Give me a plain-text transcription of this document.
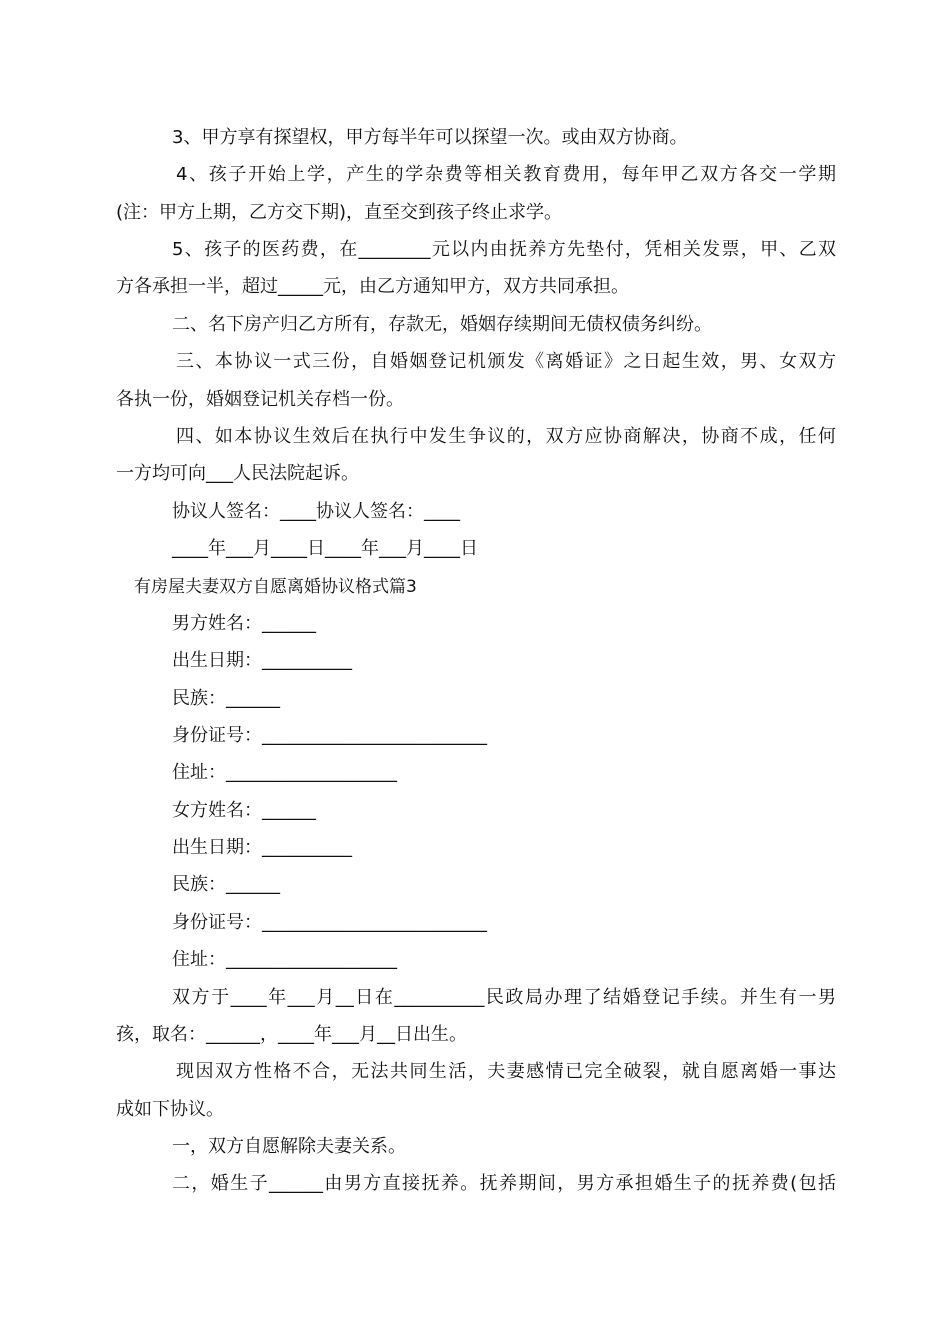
3、甲方享有探望权，甲方每半年可以探望一次。或由双方协商。
4、孩子开始上学，产生的学杂费等相关教育费用，每年甲乙双方各交一学期
(注：甲方上期，乙方交下期)，直至交到孩子终止求学。
5、孩子的医药费，在________元以内由抚养方先垫付，凭相关发票，甲、乙双
方各承担一半，超过_____元，由乙方通知甲方，双方共同承担。
二、名下房产归乙方所有，存款无，婚姻存续期间无债权债务纠纷。
三、本协议一式三份，自婚姻登记机颁发《离婚证》之日起生效，男、女双方
各执一份，婚姻登记机关存档一份。
四、如本协议生效后在执行中发生争议的，双方应协商解决，协商不成，任何
一方均可向___人民法院起诉。
协议人签名：____协议人签名：____
____年___月____日____年___月____日
有房屋夫妻双方自愿离婚协议格式篇3
男方姓名：______
出生日期：__________
民族：______
身份证号：_________________________
住址：___________________
女方姓名：______
出生日期：__________
民族：______
身份证号：_________________________
住址：___________________
双方于____年___月__日在__________民政局办理了结婚登记手续。并生有一男
孩，取名：______，____年___月__日出生。
现因双方性格不合，无法共同生活，夫妻感情已完全破裂，就自愿离婚一事达
成如下协议。
一，双方自愿解除夫妻关系。
二，婚生子______由男方直接抚养。抚养期间，男方承担婚生子的抚养费(包括
